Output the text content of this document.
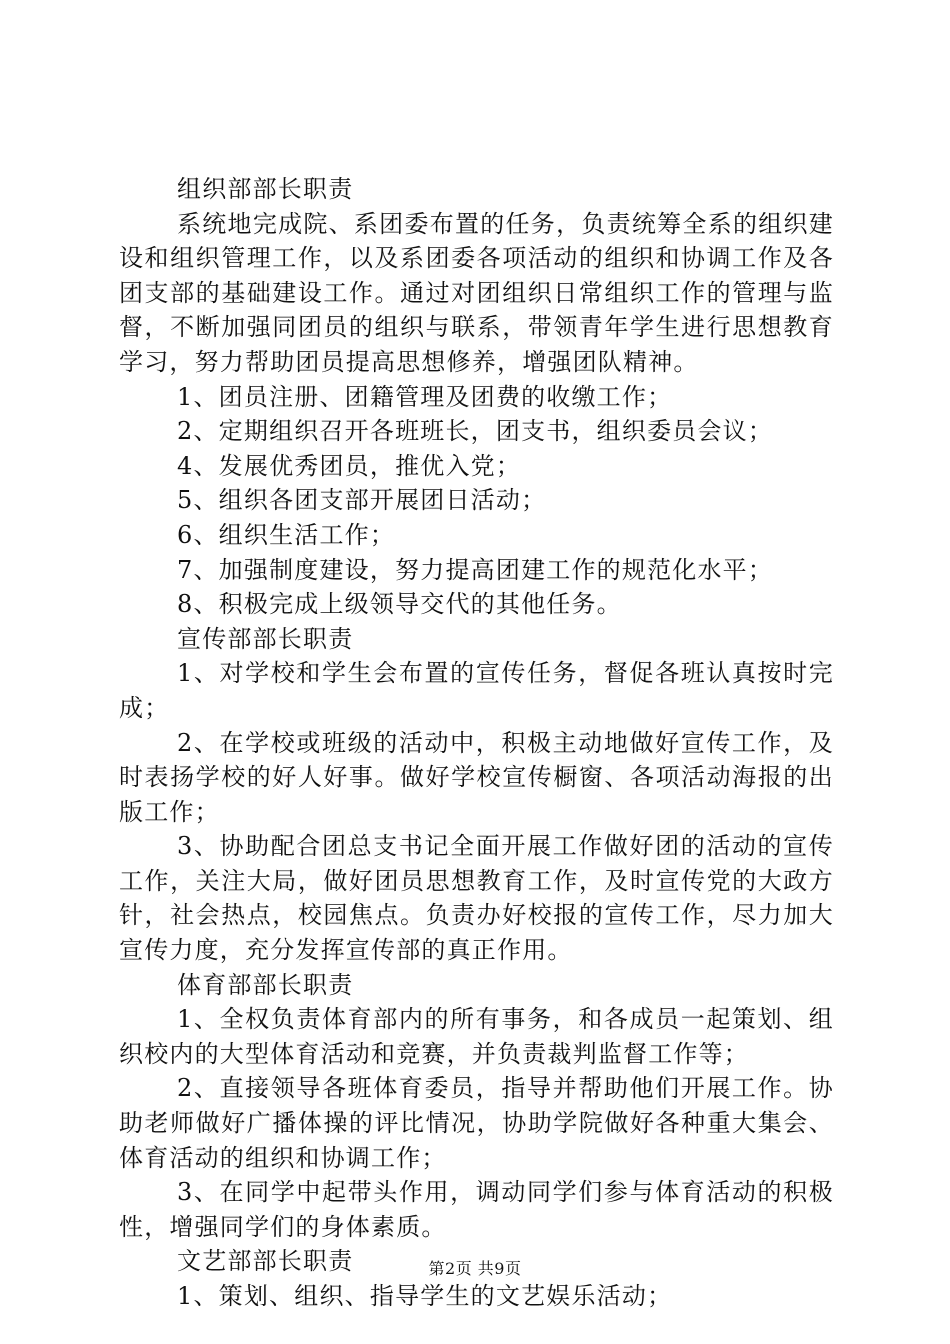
组织部部长职责

系统地完成院、系团委布置的任务，负责统筹全系的组织建设和组织管理工作，以及系团委各项活动的组织和协调工作及各团支部的基础建设工作。通过对团组织日常组织工作的管理与监督，不断加强同团员的组织与联系，带领青年学生进行思想教育学习，努力帮助团员提高思想修养，增强团队精神。

1、团员注册、团籍管理及团费的收缴工作；

2、定期组织召开各班班长，团支书，组织委员会议；

4、发展优秀团员，推优入党；

5、组织各团支部开展团日活动；

6、组织生活工作；

7、加强制度建设，努力提高团建工作的规范化水平；

8、积极完成上级领导交代的其他任务。

宣传部部长职责

1、对学校和学生会布置的宣传任务，督促各班认真按时完成；

2、在学校或班级的活动中，积极主动地做好宣传工作，及时表扬学校的好人好事。做好学校宣传橱窗、各项活动海报的出版工作；

3、协助配合团总支书记全面开展工作做好团的活动的宣传工作，关注大局，做好团员思想教育工作，及时宣传党的大政方针，社会热点，校园焦点。负责办好校报的宣传工作，尽力加大宣传力度，充分发挥宣传部的真正作用。

体育部部长职责

1、全权负责体育部内的所有事务，和各成员一起策划、组织校内的大型体育活动和竞赛，并负责裁判监督工作等；

2、直接领导各班体育委员，指导并帮助他们开展工作。协助老师做好广播体操的评比情况，协助学院做好各种重大集会、体育活动的组织和协调工作；

3、在同学中起带头作用，调动同学们参与体育活动的积极性，增强同学们的身体素质。

文艺部部长职责

1、策划、组织、指导学生的文艺娱乐活动；

第2页 共9页
